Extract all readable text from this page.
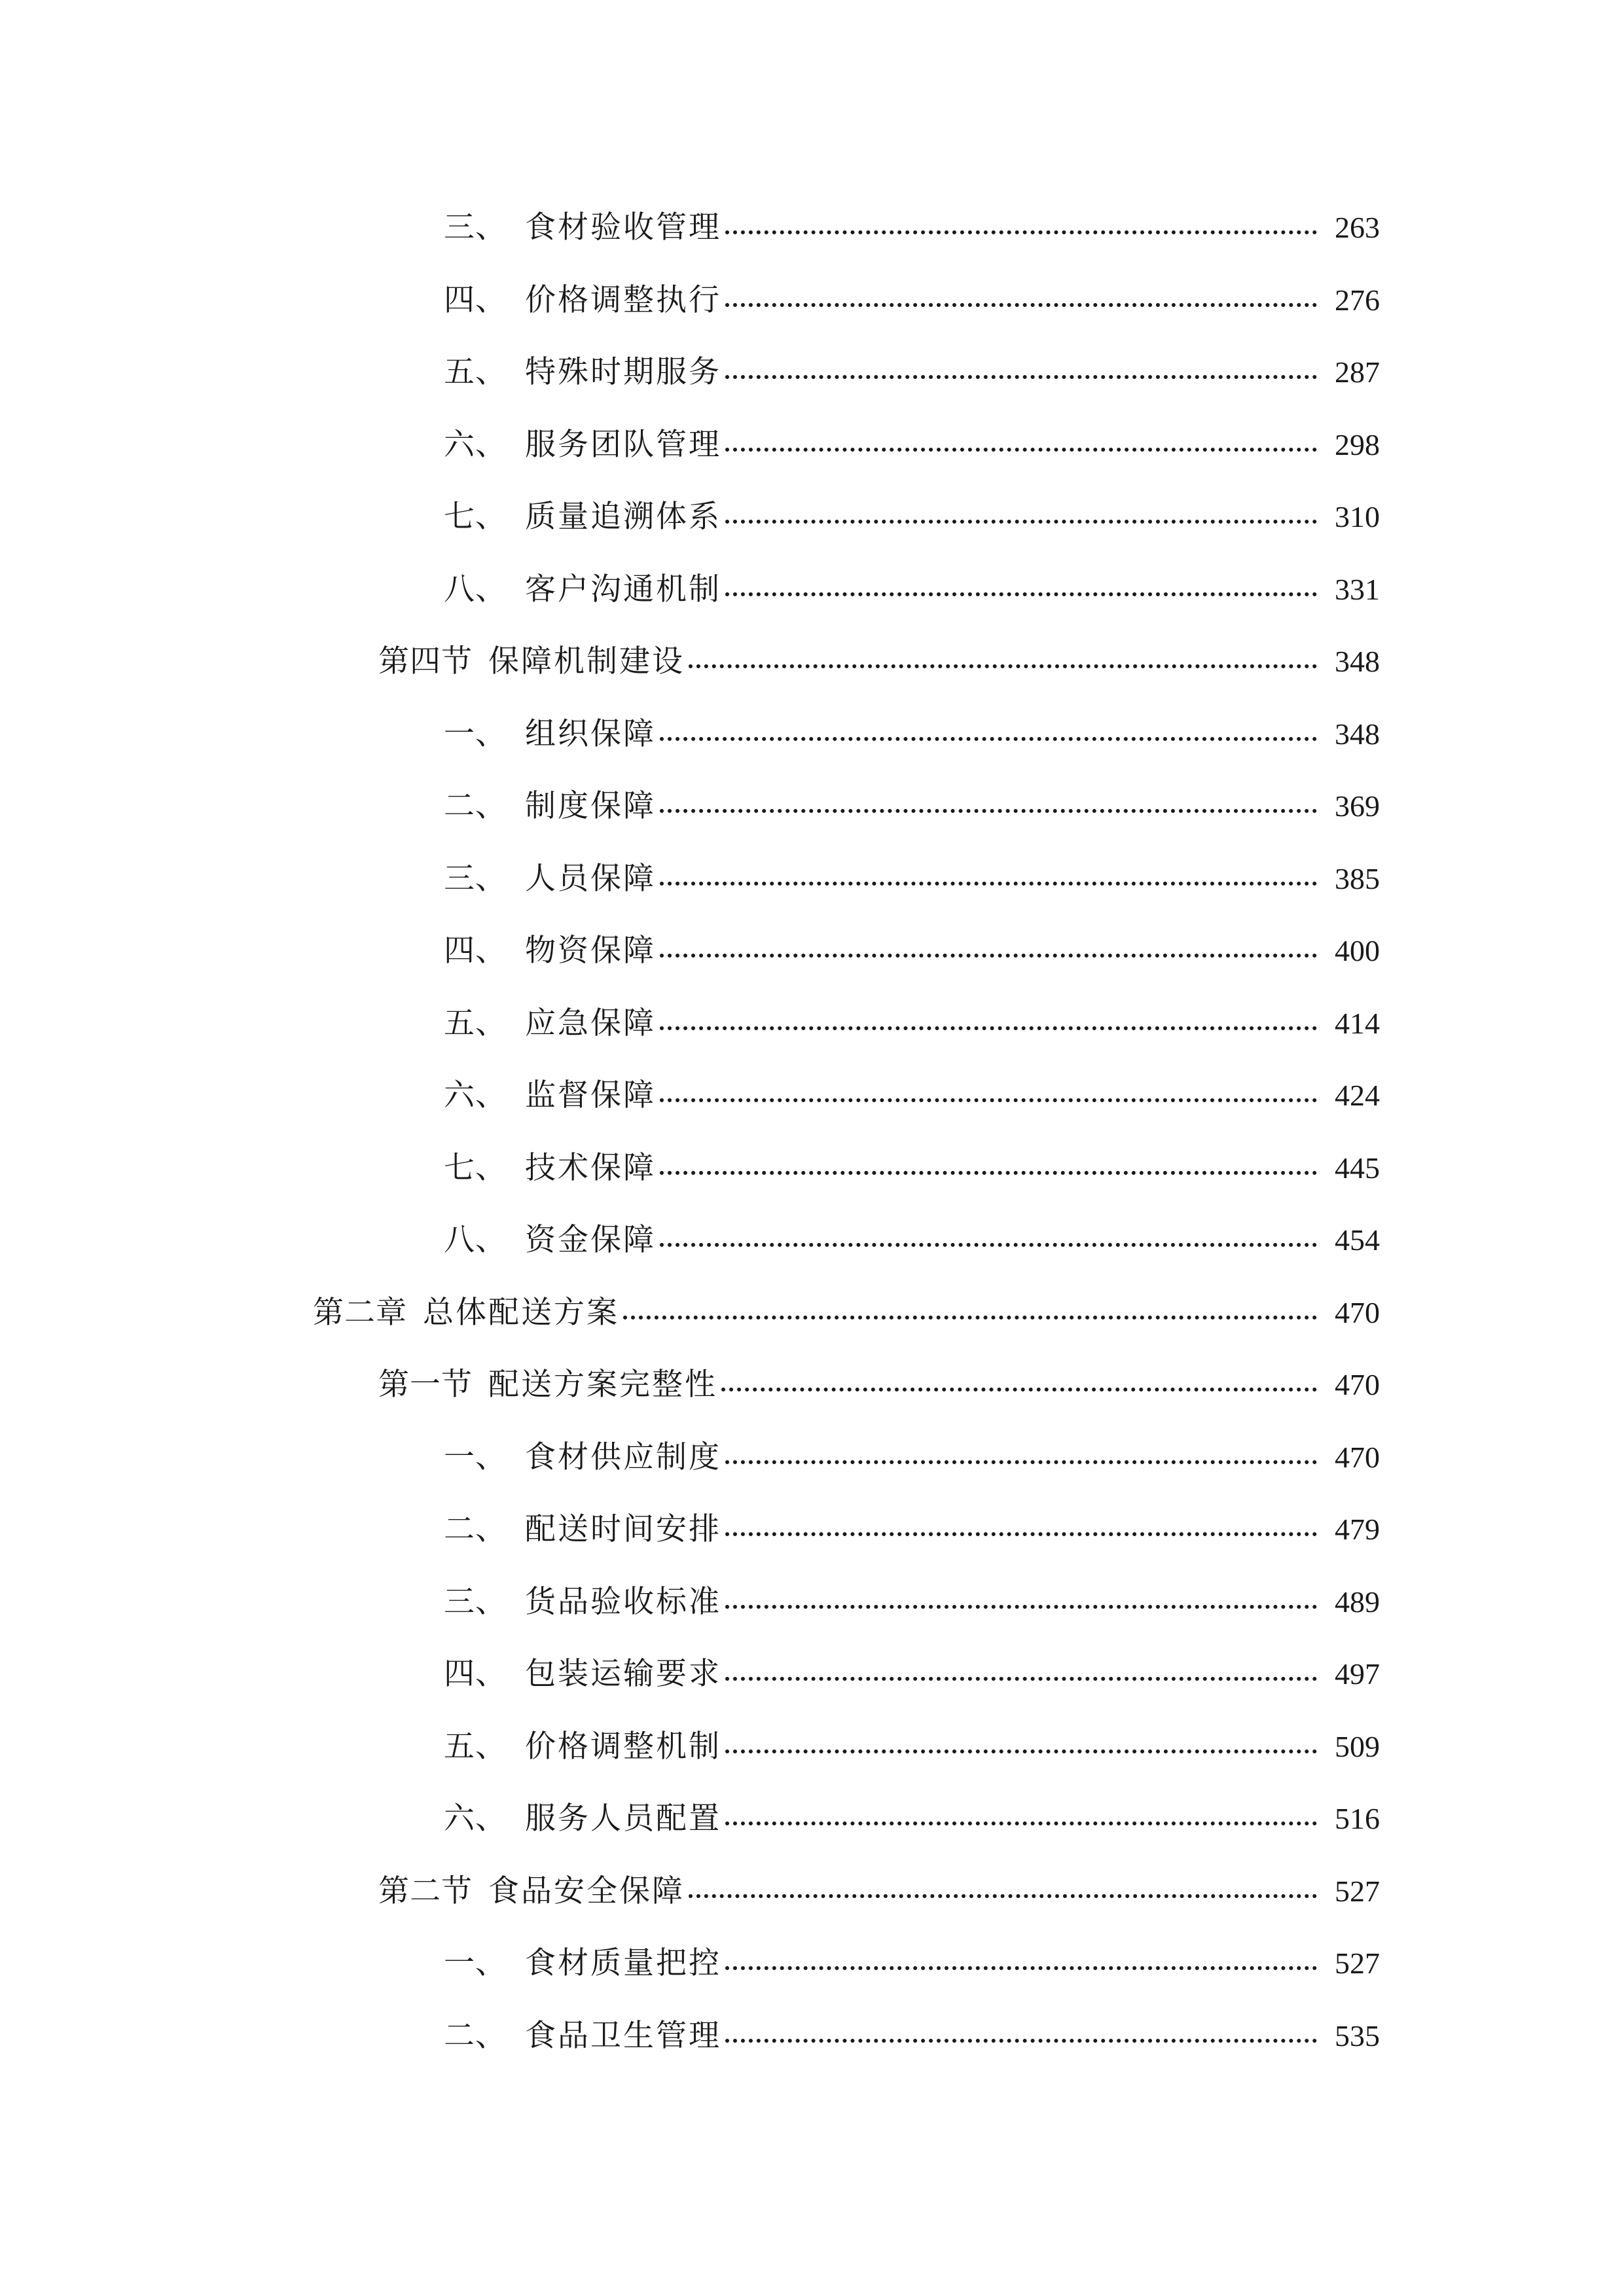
三、 食材验收管理	263
四、 价格调整执行	276
五、 特殊时期服务	287
六、 服务团队管理	298
七、 质量追溯体系	310
八、 客户沟通机制	331
第四节 保障机制建设	348
一、 组织保障	348
二、 制度保障	369
三、 人员保障	385
四、 物资保障	400
五、 应急保障	414
六、 监督保障	424
七、 技术保障	445
八、 资金保障	454
第二章 总体配送方案	470
第一节 配送方案完整性	470
一、 食材供应制度	470
二、 配送时间安排	479
三、 货品验收标准	489
四、 包装运输要求	497
五、 价格调整机制	509
六、 服务人员配置	516
第二节 食品安全保障	527
一、 食材质量把控	527
二、 食品卫生管理	535
